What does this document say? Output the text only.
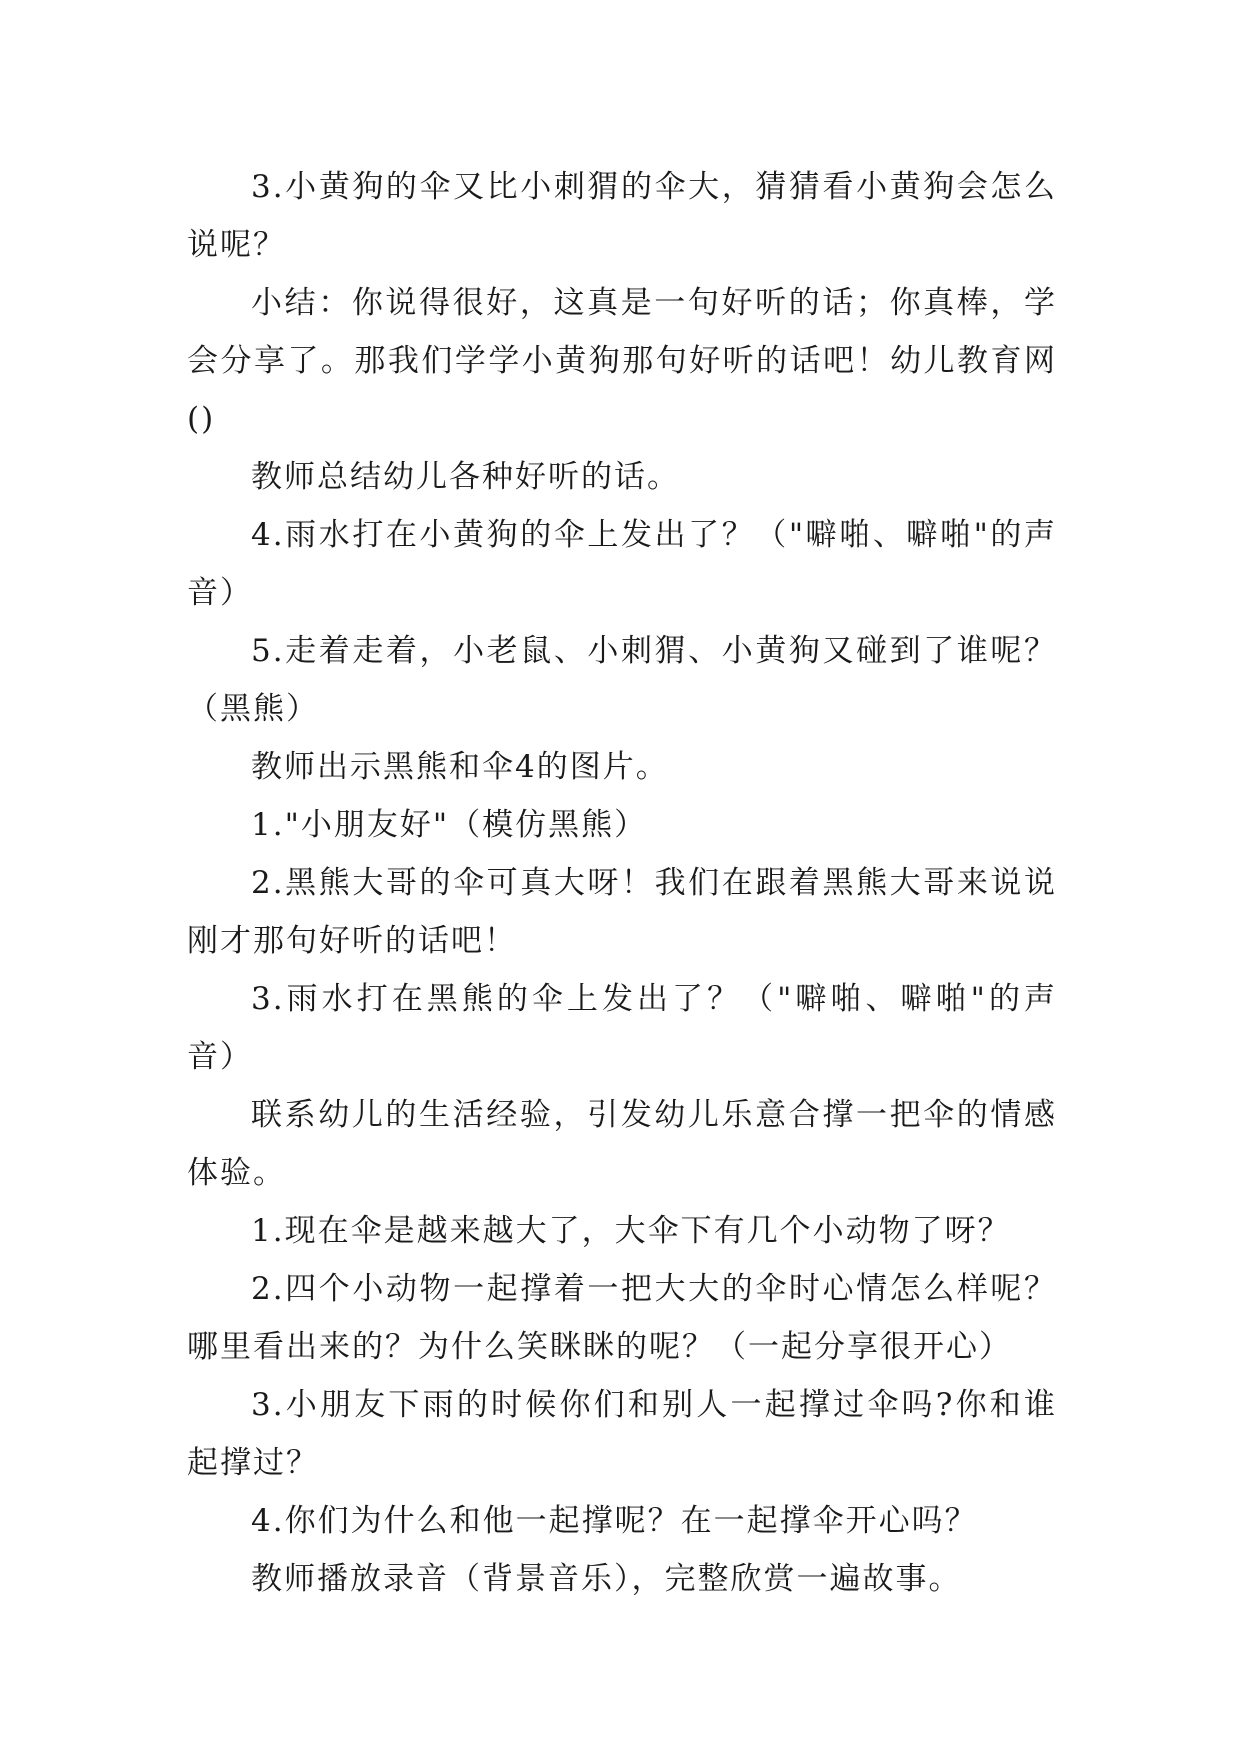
3.小黄狗的伞又比小刺猬的伞大，猜猜看小黄狗会怎么说呢？

小结：你说得很好，这真是一句好听的话；你真棒，学会分享了。那我们学学小黄狗那句好听的话吧！幼儿教育网()

教师总结幼儿各种好听的话。

4.雨水打在小黄狗的伞上发出了？（"噼啪、噼啪"的声音）

5.走着走着，小老鼠、小刺猬、小黄狗又碰到了谁呢？（黑熊）

教师出示黑熊和伞4的图片。

1."小朋友好"（模仿黑熊）

2.黑熊大哥的伞可真大呀！我们在跟着黑熊大哥来说说刚才那句好听的话吧！

3.雨水打在黑熊的伞上发出了？（"噼啪、噼啪"的声音）

联系幼儿的生活经验，引发幼儿乐意合撑一把伞的情感体验。

1.现在伞是越来越大了，大伞下有几个小动物了呀？

2.四个小动物一起撑着一把大大的伞时心情怎么样呢？哪里看出来的？为什么笑眯眯的呢？（一起分享很开心）

3.小朋友下雨的时候你们和别人一起撑过伞吗?你和谁起撑过？

4.你们为什么和他一起撑呢？在一起撑伞开心吗？

教师播放录音（背景音乐），完整欣赏一遍故事。
